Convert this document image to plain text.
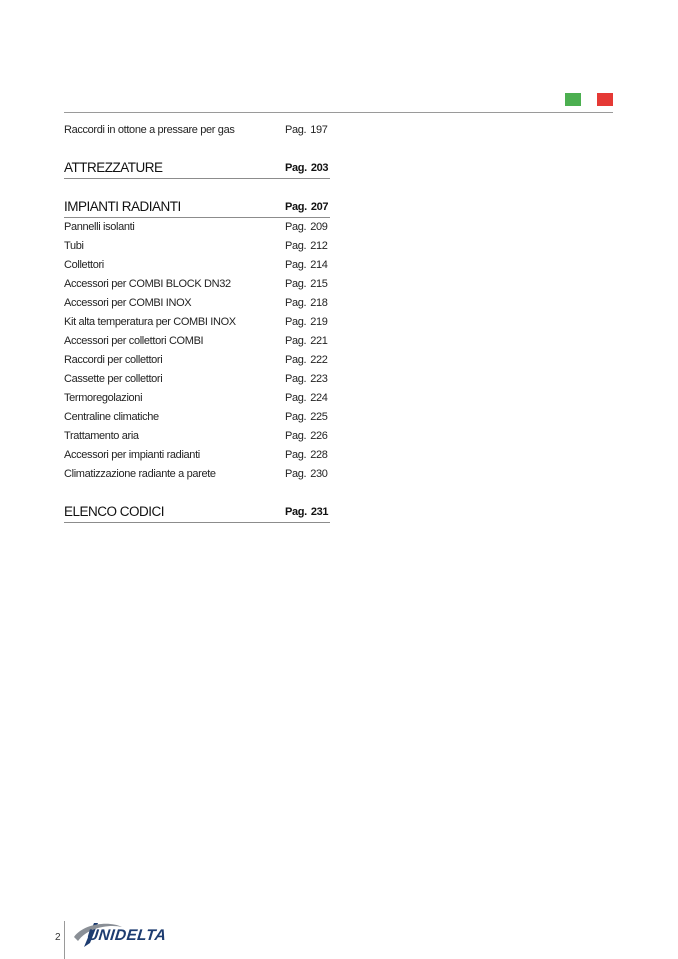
Raccordi in ottone a pressare per gas	Pag. 197
ATTREZZATURE	Pag. 203
IMPIANTI RADIANTI	Pag. 207
Pannelli isolanti	Pag. 209
Tubi	Pag. 212
Collettori	Pag. 214
Accessori per COMBI BLOCK DN32	Pag. 215
Accessori per COMBI INOX	Pag. 218
Kit alta temperatura per COMBI INOX	Pag. 219
Accessori per collettori COMBI	Pag. 221
Raccordi per collettori	Pag. 222
Cassette per collettori	Pag. 223
Termoregolazioni	Pag. 224
Centraline climatiche	Pag. 225
Trattamento aria	Pag. 226
Accessori per impianti radianti	Pag. 228
Climatizzazione radiante a parete	Pag. 230
ELENCO CODICI	Pag. 231
2 UNIDELTA
